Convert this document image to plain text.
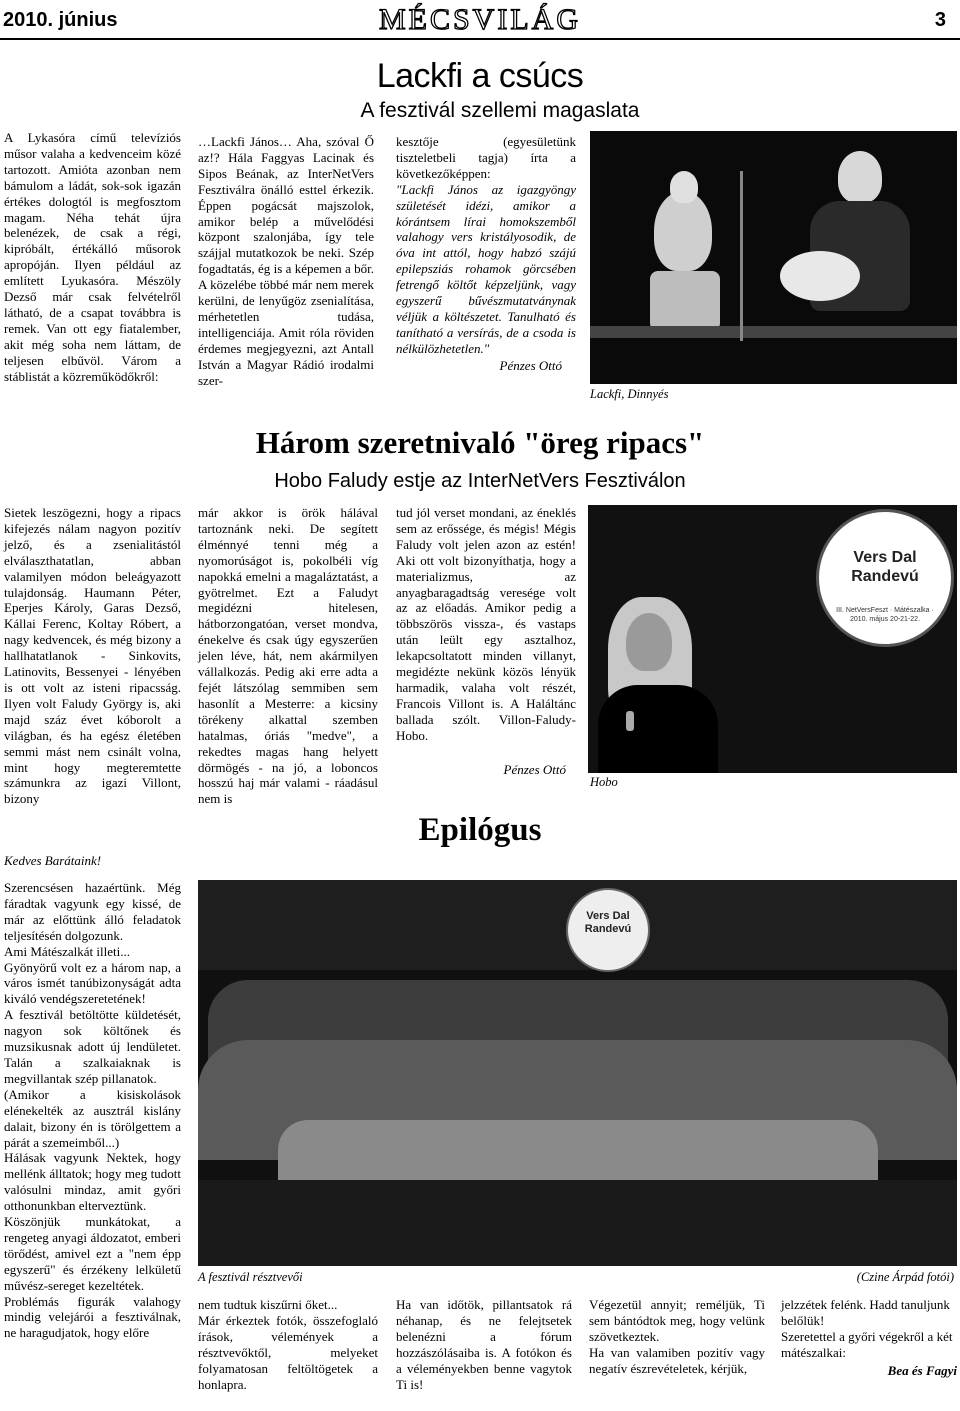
2010. június	MÉCSVILÁG	3
Lackfi a csúcs
A fesztivál szellemi magaslata
A Lykasóra című televíziós műsor valaha a kedvenceim közé tartozott. Amióta azonban nem bámulom a ládát, sok-sok igazán értékes dologtól is megfosztom magam. Néha tehát újra belenézek, de csak a régi, kipróbált, értékálló műsorok apropóján. Ilyen például az említett Lyukasóra. Mészöly Dezső már csak felvételről látható, de a csapat továbbra is remek. Van ott egy fiatalember, akit még soha nem láttam, de teljesen elbűvöl. Várom a stáblistát a közreműködőkről:
…Lackfi János… Aha, szóval Ő az!? Hála Faggyas Lacinak és Sipos Beának, az InterNetVers Fesztiválra önálló esttel érkezik. Éppen pogácsát majszolok, amikor belép a művelődési központ szalonjába, így tele szájjal mutatkozok be neki. Szép fogadtatás, ég is a képemen a bőr. A közelébe többé már nem merek kerülni, de lenyűgöz zsenialítása, mérhetetlen tudása, intelligenciája. Amit róla röviden érdemes megjegyezni, azt Antall István a Magyar Rádió irodalmi szer-
kesztője (egyesületünk tiszteletbeli tagja) írta a következőképpen:
"Lackfi János az igazgyöngy születését idézi, amikor a kórántsem lírai homokszemből valahogy vers kristályosodik, de óva int attól, hogy habzó szájú epilepsziás rohamok görcsében fetrengő költőt képzeljünk, vagy egyszerű bűvészmutatványnak véljük a költészetet. Tanulható és tanítható a versírás, de a csoda is nélkülözhetetlen."
Pénzes Ottó
Lackfi, Dinnyés
Három szeretnivaló "öreg ripacs"
Hobo Faludy estje az InterNetVers Fesztiválon
Sietek leszögezni, hogy a ripacs kifejezés nálam nagyon pozitív jelző, és a zsenialitástól elválaszthatatlan, abban valamilyen módon beleágyazott tulajdonság. Haumann Péter, Eperjes Károly, Garas Dezső, Kállai Ferenc, Koltay Róbert, a nagy kedvencek, és még bizony a hallhatatlanok - Sinkovits, Latinovits, Bessenyei - lényében is ott volt az isteni ripacsság. Ilyen volt Faludy György is, aki majd száz évet kóborolt a világban, és ha egész életében semmi mást nem csinált volna, mint hogy megteremtette számunkra az igazi Villont, bizony
már akkor is örök hálával tartoznánk neki. De segített élménnyé tenni még a nyomorúságot is, pokolbéli víg napokká emelni a magaláztatást, a gyötrelmet. Ezt a Faludyt megidézni hitelesen, hátborzongatóan, verset mondva, énekelve és csak úgy egyszerűen jelen léve, hát, nem akármilyen vállalkozás. Pedig aki erre adta a fejét látszólag semmiben sem hasonlít a Mesterre: a kicsiny törékeny alkattal szemben hatalmas, óriás "medve", a rekedtes magas hang helyett dörmögés - na jó, a loboncos hosszú haj már valami - ráadásul nem is
tud jól verset mondani, az éneklés sem az erőssége, és mégis! Mégis Faludy volt jelen azon az estén! Aki ott volt bizonyíthatja, hogy a materializmus, az anyagbaragadtság veresége volt az az előadás. Amikor pedig a többszörös vissza-, és vastaps után leült egy asztalhoz, lekapcsoltatott minden villanyt, megidézte nekünk közös lényük harmadik, valaha volt részét, Francois Villont is. A Haláltánc ballada szólt. Villon-Faludy-Hobo.
Pénzes Ottó
Vers Dal Randevú
III. NetVersFeszt · Mátészalka · 2010. május 20-21-22.
Hobo
Epilógus
Kedves Barátaink!
Szerencsésen hazaértünk. Még fáradtak vagyunk egy kissé, de már az előttünk álló feladatok teljesítésén dolgozunk.
Ami Mátészalkát illeti...
Gyönyörű volt ez a három nap, a város ismét tanúbizonyságát adta kiváló vendégszeretetének!
A fesztivál betöltötte küldetését, nagyon sok költőnek és muzsikusnak adott új lendületet. Talán a szalkaiaknak is megvillantak szép pillanatok.
(Amikor a kisiskolások elénekelték az ausztrál kislány dalait, bizony én is törölgettem a párát a szemeimből...)
Hálásak vagyunk Nektek, hogy mellénk álltatok; hogy meg tudott valósulni mindaz, amit győri otthonunkban elterveztünk.
Köszönjük munkátokat, a rengeteg anyagi áldozatot, emberi törődést, amivel ezt a "nem épp egyszerű" és érzékeny lelkületű művész-sereget kezeltétek.
Problémás figurák valahogy mindig velejárói a fesztiválnak, ne haragudjatok, hogy előre
Vers Dal Randevú
A fesztivál résztvevői	(Czine Árpád fotói)
nem tudtuk kiszűrni őket...
Már érkeztek fotók, összefoglaló írások, vélemények a résztvevőktől, melyeket folyamatosan feltöltögetek a honlapra.
Ha van időtök, pillantsatok rá néhanap, és ne felejtsetek belenézni a fórum hozzászólásaiba is. A fotókon és a véleményekben benne vagytok Ti is!
Végezetül annyit; reméljük, Ti sem bántódtok meg, hogy velünk szövetkeztek.
Ha van valamiben pozitív vagy negatív észrevételetek, kérjük,
jelzzétek felénk. Hadd tanuljunk belőlük!
Szeretettel a győri végekről a két mátészalkai:
Bea és Fagyi
